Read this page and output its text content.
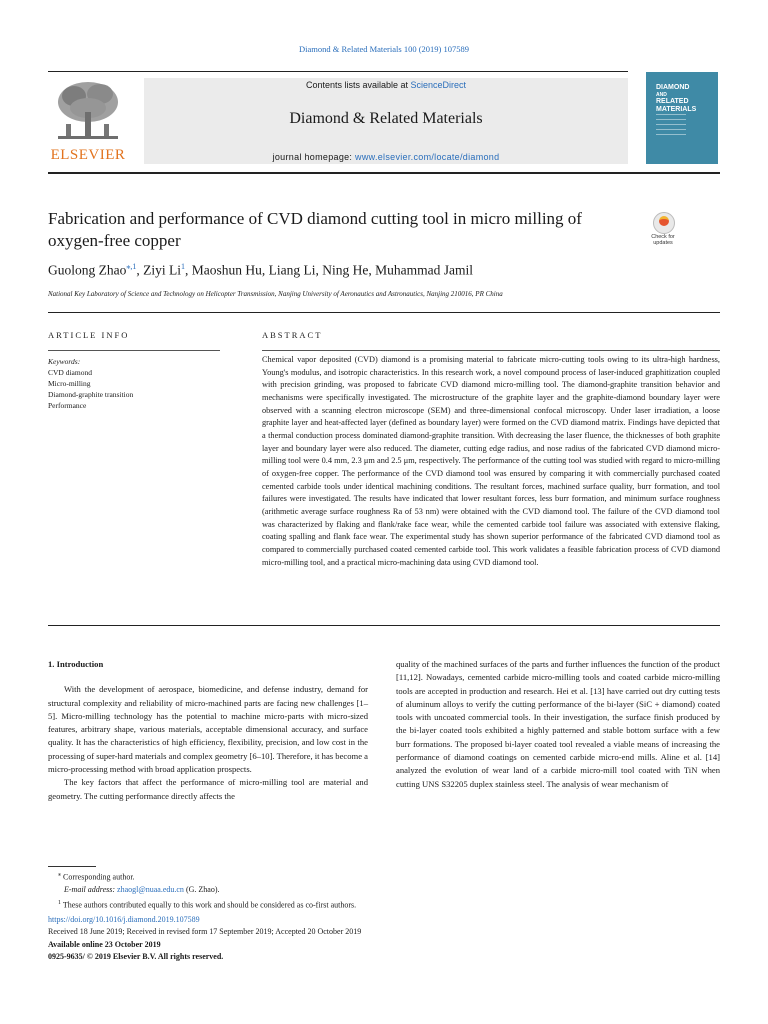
Diamond & Related Materials 100 (2019) 107589
ELSEVIER
Contents lists available at ScienceDirect
Diamond & Related Materials
journal homepage: www.elsevier.com/locate/diamond
DIAMOND
AND
RELATED
MATERIALS
Fabrication and performance of CVD diamond cutting tool in micro milling of oxygen-free copper	Check for
updates
Guolong Zhao$^{⁎,1}$, Ziyi Li$^1$, Maoshun Hu, Liang Li, Ning He, Muhammad Jamil
National Key Laboratory of Science and Technology on Helicopter Transmission, Nanjing University of Aeronautics and Astronautics, Nanjing 210016, PR China
ARTICLE INFO
Keywords:
CVD diamond
Micro-milling
Diamond-graphite transition
Performance
ABSTRACT
Chemical vapor deposited (CVD) diamond is a promising material to fabricate micro-cutting tools owing to its ultra-high hardness, Young's modulus, and isotropic characteristics. In this research work, a novel compound process of laser-induced graphitization coupled with precision grinding, was proposed to fabricate CVD diamond micro-milling tool. The diamond-graphite transition behavior and mechanisms were specifically investigated. The microstructure of the graphite layer and the graphite-diamond boundary layer were observed with a scanning electron microscope (SEM) and three-dimensional confocal microscopy. Under laser irradiation, a loose graphite layer and heat-affected layer (defined as boundary layer) were formed on the CVD diamond matrix. Findings have depicted that a thermal conduction process dominated diamond-graphite transition. With decreasing the laser fluence, the thicknesses of both graphite layer and boundary layer were also reduced. The diameter, cutting edge radius, and nose radius of the fabricated CVD diamond micro-milling tool were 0.4 mm, 2.3 μm and 2.5 μm, respectively. The performance of the cutting tool was studied with regard to micro-milling of oxygen-free copper. The performance of the CVD diamond tool was ensured by comparing it with commercially purchased coated cemented carbide tools under identical machining conditions. The resultant forces, machined surface quality, burr formation, and tool failures were investigated. The results have indicated that lower resultant forces, less burr formation, and minimum surface roughness (arithmetic average surface roughness Ra of 53 nm) were obtained with the CVD diamond tool. The failure of the CVD diamond tool was characterized by flaking and flank/rake face wear, while the cemented carbide tool failure was associated with extensive flaking, coating spalling and flank face wear. The experimental study has shown superior performance of the fabricated CVD diamond tool as compared to commercially purchased coated cemented carbide tool. This work validates a feasible fabrication process of CVD diamond micro-milling tool, and a practical micro-machining data using CVD diamond tool.

1. Introduction

With the development of aerospace, biomedicine, and defense industry, demand for structural complexity and reliability of micro-machined parts are facing new challenges [1–5]. Micro-milling technology has the potential to machine micro-parts with micro-sized features, arbitrary shape, various materials, acceptable dimensional accuracy, and surface quality. It has the characteristics of high efficiency, flexibility, precision, and low cost in the processing of super-hard materials and complex geometry [6–10]. Therefore, it has become a micro-processing method with broad application prospects.

The key factors that affect the performance of micro-milling tool are material and geometry. The cutting performance directly affects the

quality of the machined surfaces of the parts and further influences the function of the product [11,12]. Nowadays, cemented carbide micro-milling tools and coated carbide micro-milling tools are accepted in production and research. Hei et al. [13] have carried out dry cutting tests of aluminum alloys to verify the cutting performance of the bi-layer (SiC + diamond) coated tools with uncoated commercial tools. In their investigation, the surface finish produced by the bi-layer coated tools exhibited a highly patterned and stable bottom surface with a few burr formations. The proposed bi-layer coated tool revealed a viable means of increasing the performance of diamond coatings on cemented carbide micro-end mills. Aline et al. [14] analyzed the evolution of wear land of a carbide micro-mill tool coated with TiN when cutting UNS S32205 duplex stainless steel. The analysis of wear mechanism of

⁎ Corresponding author.
E-mail address: zhaogl@nuaa.edu.cn (G. Zhao).
$^1$ These authors contributed equally to this work and should be considered as co-first authors.
https://doi.org/10.1016/j.diamond.2019.107589
Received 18 June 2019; Received in revised form 17 September 2019; Accepted 20 October 2019
Available online 23 October 2019
0925-9635/ © 2019 Elsevier B.V. All rights reserved.
